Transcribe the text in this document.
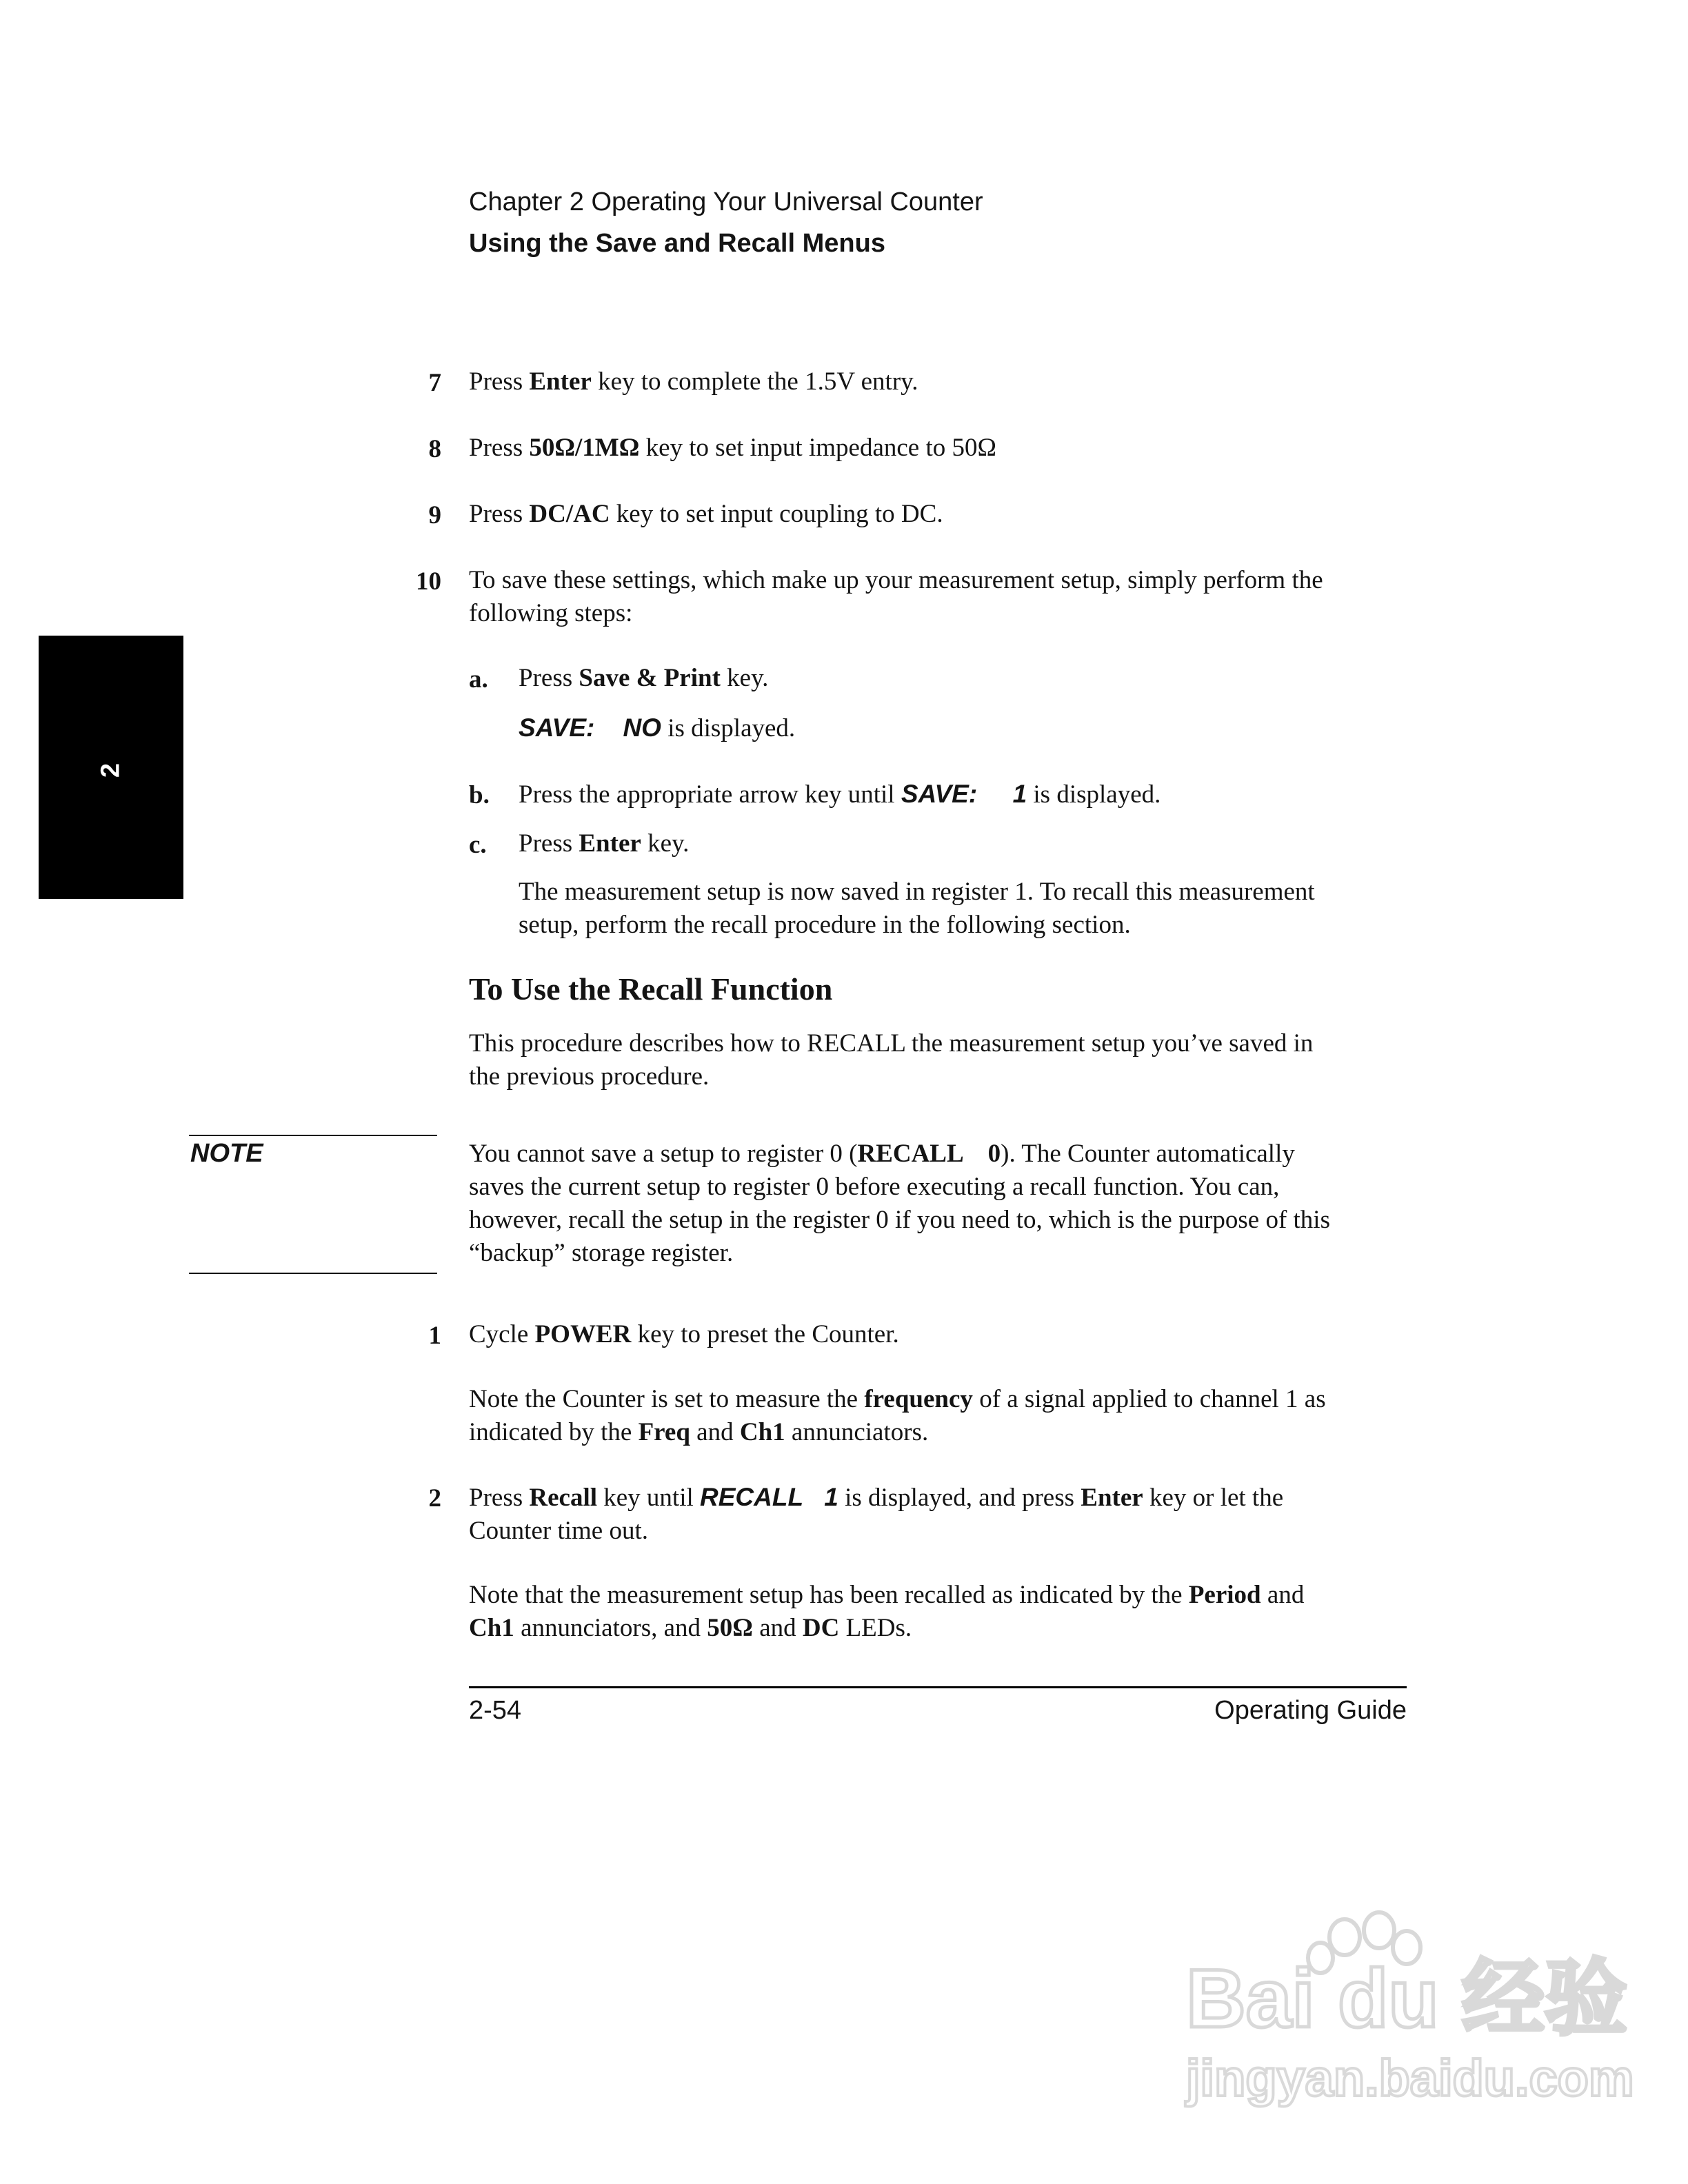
Chapter 2 Operating Your Universal Counter
Using the Save and Recall Menus
2
7 Press Enter key to complete the 1.5V entry.
8 Press 50Ω/1MΩ key to set input impedance to 50Ω
9 Press DC/AC key to set input coupling to DC.
10 To save these settings, which make up your measurement setup, simply perform the
following steps:
a. Press Save & Print key.
SAVE:    NO is displayed.
b. Press the appropriate arrow key until SAVE:     1 is displayed.
c. Press Enter key.
The measurement setup is now saved in register 1. To recall this measurement
setup, perform the recall procedure in the following section.
To Use the Recall Function
This procedure describes how to RECALL the measurement setup you’ve saved in
the previous procedure.
NOTE	You cannot save a setup to register 0 (RECALL    0). The Counter automatically
saves the current setup to register 0 before executing a recall function. You can,
however, recall the setup in the register 0 if you need to, which is the purpose of this
“backup” storage register.
1 Cycle POWER key to preset the Counter.
Note the Counter is set to measure the frequency of a signal applied to channel 1 as
indicated by the Freq and Ch1 annunciators.
2 Press Recall key until RECALL   1 is displayed, and press Enter key or let the
Counter time out.
Note that the measurement setup has been recalled as indicated by the Period and
Ch1 annunciators, and 50Ω and DC LEDs.
2-54	Operating Guide
Bai du 经验
jingyan.baidu.com
